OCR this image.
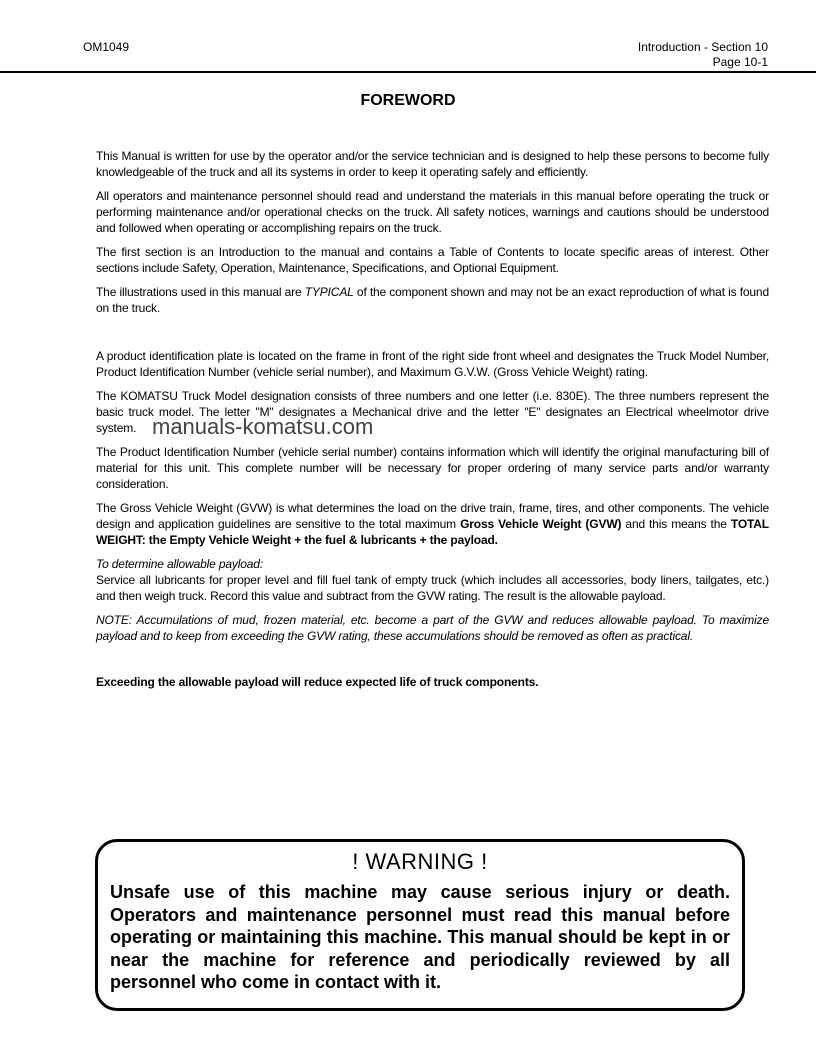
OM1049	Introduction - Section 10
Page 10-1
FOREWORD

This Manual is written for use by the operator and/or the service technician and is designed to help these persons to become fully knowledgeable of the truck and all its systems in order to keep it operating safely and efficiently.

All operators and maintenance personnel should read and understand the materials in this manual before operating the truck or performing maintenance and/or operational checks on the truck. All safety notices, warnings and cautions should be understood and followed when operating or accomplishing repairs on the truck.

The first section is an Introduction to the manual and contains a Table of Contents to locate specific areas of interest. Other sections include Safety, Operation, Maintenance, Specifications, and Optional Equipment.

The illustrations used in this manual are TYPICAL of the component shown and may not be an exact reproduction of what is found on the truck.

A product identification plate is located on the frame in front of the right side front wheel and designates the Truck Model Number, Product Identification Number (vehicle serial number), and Maximum G.V.W. (Gross Vehicle Weight) rating.

The KOMATSU Truck Model designation consists of three numbers and one letter (i.e. 830E). The three numbers represent the basic truck model. The letter "M" designates a Mechanical drive and the letter "E" designates an Electrical wheelmotor drive system.

The Product Identification Number (vehicle serial number) contains information which will identify the original manufacturing bill of material for this unit. This complete number will be necessary for proper ordering of many service parts and/or warranty consideration.

The Gross Vehicle Weight (GVW) is what determines the load on the drive train, frame, tires, and other components. The vehicle design and application guidelines are sensitive to the total maximum Gross Vehicle Weight (GVW) and this means the TOTAL WEIGHT: the Empty Vehicle Weight + the fuel & lubricants + the payload.

To determine allowable payload:
Service all lubricants for proper level and fill fuel tank of empty truck (which includes all accessories, body liners, tailgates, etc.) and then weigh truck. Record this value and subtract from the GVW rating. The result is the allowable payload.

NOTE: Accumulations of mud, frozen material, etc. become a part of the GVW and reduces allowable payload. To maximize payload and to keep from exceeding the GVW rating, these accumulations should be removed as often as practical.

Exceeding the allowable payload will reduce expected life of truck components.

manuals-komatsu.com
! WARNING !
Unsafe use of this machine may cause serious injury or death. Operators and maintenance personnel must read this manual before operating or maintaining this machine. This manual should be kept in or near the machine for reference and periodically reviewed by all personnel who come in contact with it.
